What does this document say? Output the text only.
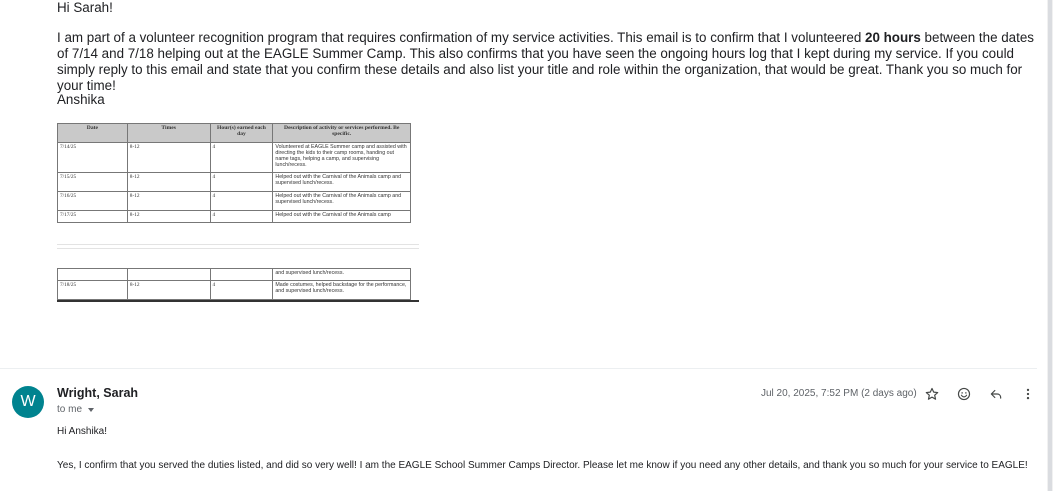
Hi Sarah!
I am part of a volunteer recognition program that requires confirmation of my service activities. This email is to confirm that I volunteered 20 hours between the dates of 7/14 and 7/18 helping out at the EAGLE Summer Camp. This also confirms that you have seen the ongoing hours log that I kept during my service. If you could simply reply to this email and state that you confirm these details and also list your title and role within the organization, that would be great. Thank you so much for your time!
Anshika
Date	Times	Hour(s) earned each day	Description of activity or services performed. Be specific.
7/14/25	8-12	4	Volunteered at EAGLE Summer camp and assisted with directing the kids to their camp rooms, handing out name tags, helping a camp, and supervising lunch/recess.
7/15/25	8-12	4	Helped out with the Carnival of the Animals camp and supervised lunch/recess.
7/16/25	8-12	4	Helped out with the Carnival of the Animals camp and supervised lunch/recess.
7/17/25	8-12	4	Helped out with the Carnival of the Animals camp
			and supervised lunch/recess.
7/18/25	8-12	4	Made costumes, helped backstage for the performance, and supervised lunch/recess.
W	Wright, Sarah
to me
Jul 20, 2025, 7:52 PM (2 days ago)
Hi Anshika!
Yes, I confirm that you served the duties listed, and did so very well! I am the EAGLE School Summer Camps Director. Please let me know if you need any other details, and thank you so much for your service to EAGLE!
